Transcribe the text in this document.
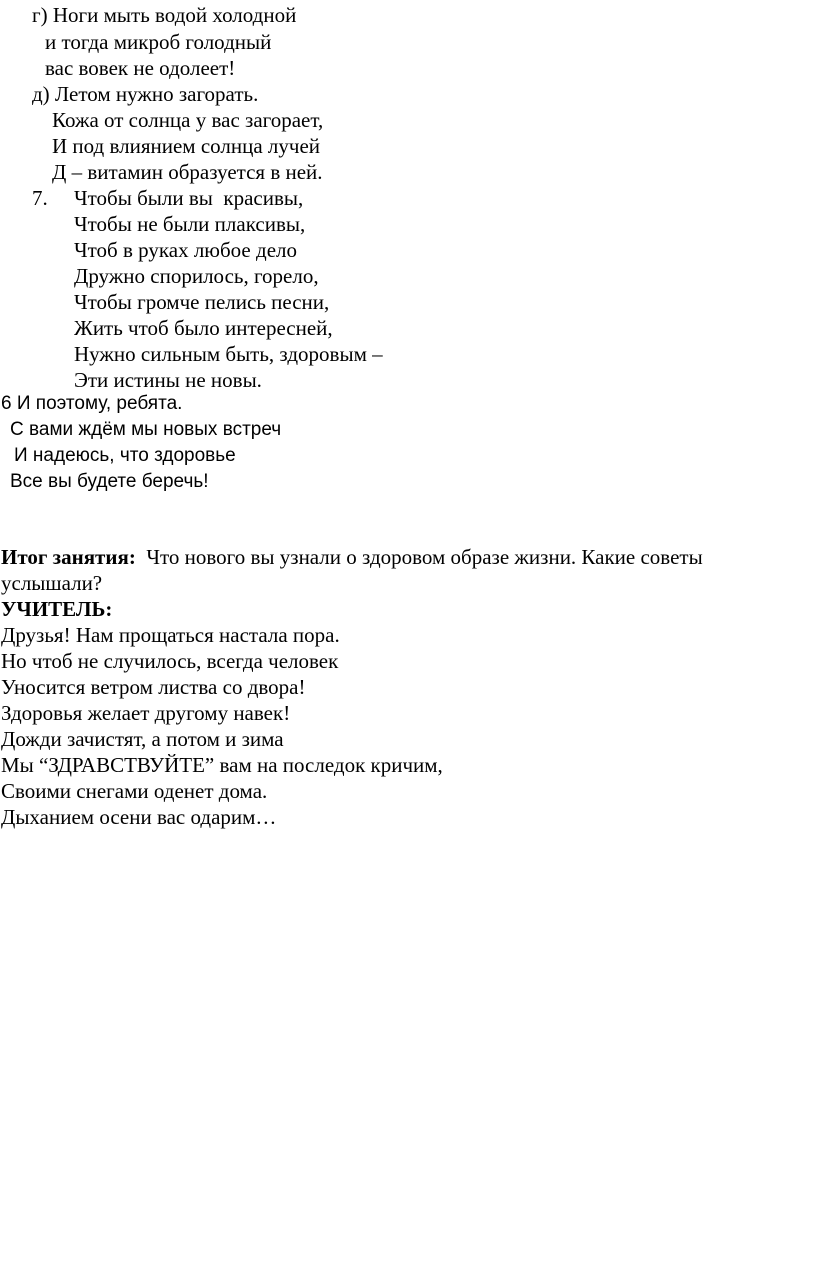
г) Ноги мыть водой холодной
и тогда микроб голодный
вас вовек не одолеет!
д) Летом нужно загорать.
Кожа от солнца у вас загорает,
И под влиянием солнца лучей
Д – витамин образуется в ней.
7. Чтобы были вы  красивы,
Чтобы не были плаксивы,
Чтоб в руках любое дело
Дружно спорилось, горело,
Чтобы громче пелись песни,
Жить чтоб было интересней,
Нужно сильным быть, здоровым –
Эти истины не новы.
6 И поэтому, ребята.
С вами ждём мы новых встреч
И надеюсь, что здоровье
Все вы будете беречь!
Итог занятия: Что нового вы узнали о здоровом образе жизни. Какие советы
услышали?
УЧИТЕЛЬ:
Друзья! Нам прощаться настала пора.
Но чтоб не случилось, всегда человек
Уносится ветром листва со двора!
Здоровья желает другому навек!
Дожди зачистят, а потом и зима
Мы “ЗДРАВСТВУЙТЕ” вам на последок кричим,
Своими снегами оденет дома.
Дыханием осени вас одарим…
